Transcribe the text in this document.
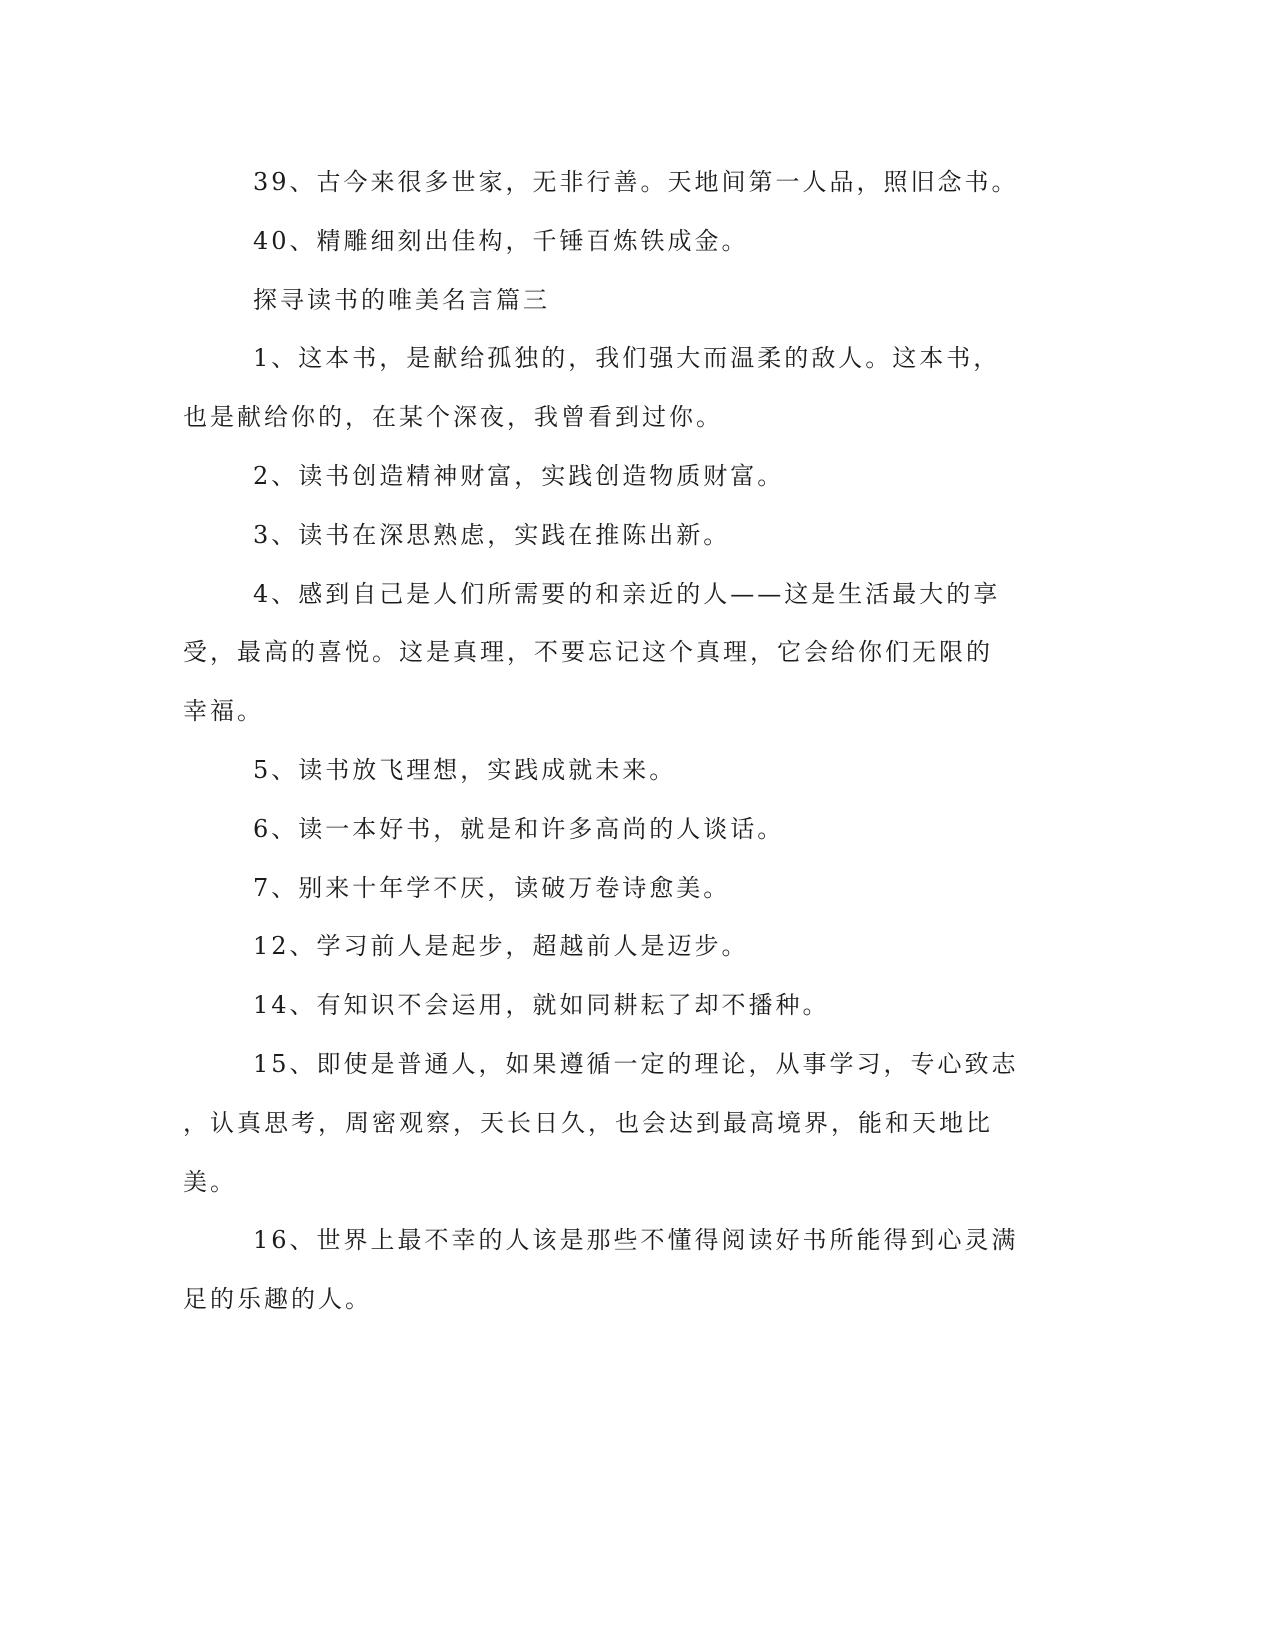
39、古今来很多世家，无非行善。天地间第一人品，照旧念书。
40、精雕细刻出佳构，千锤百炼铁成金。
探寻读书的唯美名言篇三
1、这本书，是献给孤独的，我们强大而温柔的敌人。这本书，
也是献给你的，在某个深夜，我曾看到过你。
2、读书创造精神财富，实践创造物质财富。
3、读书在深思熟虑，实践在推陈出新。
4、感到自己是人们所需要的和亲近的人——这是生活最大的享
受，最高的喜悦。这是真理，不要忘记这个真理，它会给你们无限的
幸福。
5、读书放飞理想，实践成就未来。
6、读一本好书，就是和许多高尚的人谈话。
7、别来十年学不厌，读破万卷诗愈美。
12、学习前人是起步，超越前人是迈步。
14、有知识不会运用，就如同耕耘了却不播种。
15、即使是普通人，如果遵循一定的理论，从事学习，专心致志
，认真思考，周密观察，天长日久，也会达到最高境界，能和天地比
美。
16、世界上最不幸的人该是那些不懂得阅读好书所能得到心灵满
足的乐趣的人。
